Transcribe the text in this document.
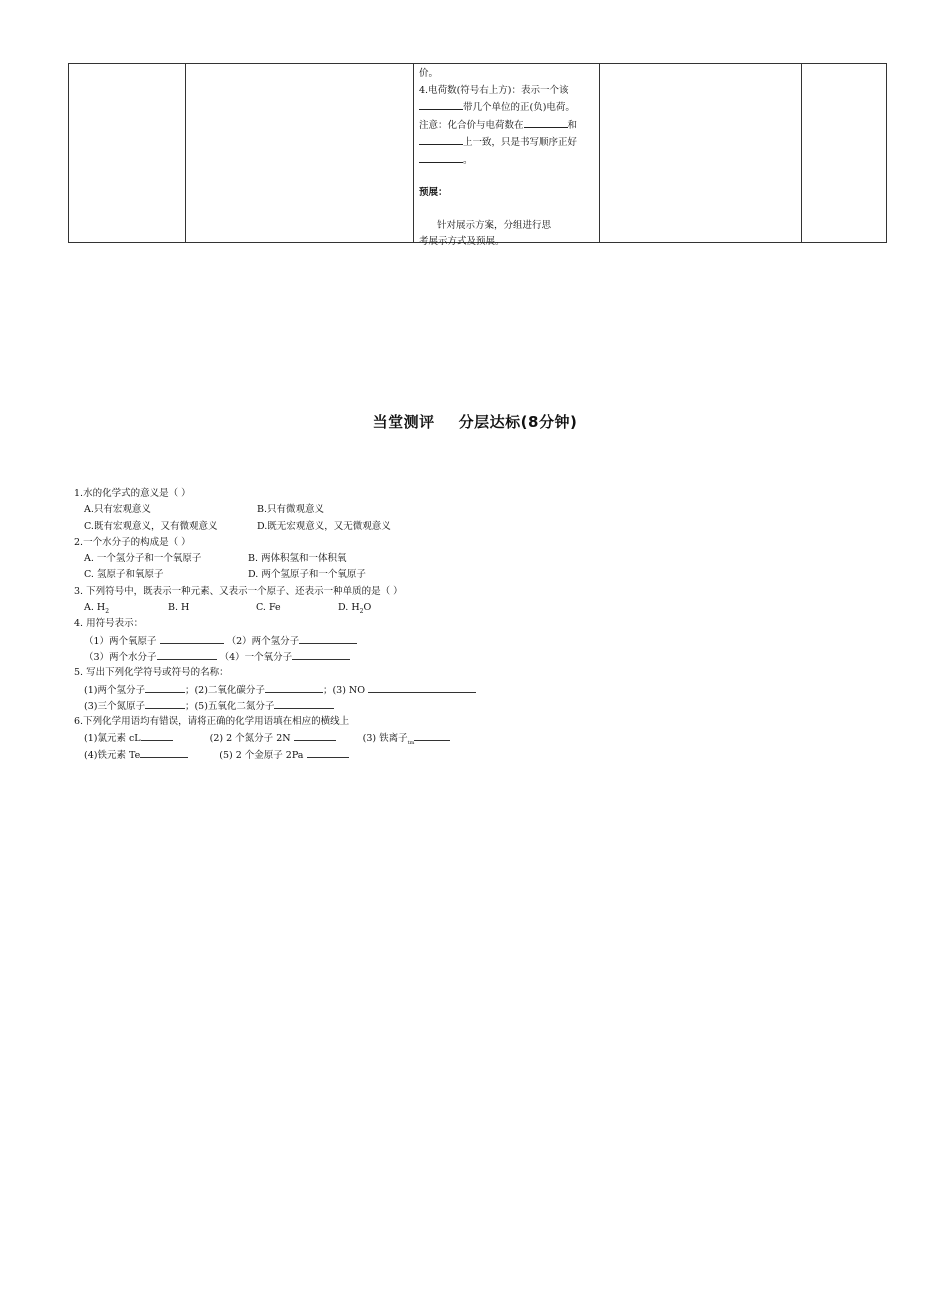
价。

4.电荷数(符号右上方)：表示一个该

带几个单位的正(负)电荷。

注意：化合价与电荷数在	和

上一致，只是书写顺序正好

。

预展：

针对展示方案，分组进行思

考展示方式及预展。

当堂测评 分层达标(8分钟)
1.水的化学式的意义是（ ）
A.只有宏观意义	B.只有微观意义
C.既有宏观意义，又有微观意义	D.既无宏观意义，又无微观意义
2.一个水分子的构成是（ ）
A. 一个氢分子和一个氧原子	B. 两体积氢和一体积氧
C. 氢原子和氧原子	D. 两个氢原子和一个氧原子
3. 下列符号中，既表示一种元素、又表示一个原子、还表示一种单质的是（ ）
A. $H_2$	B. H	C. Fe	D. $H_2O$
4. 用符号表示：
（1）两个氧原子	（2）两个氢分子
（3）两个水分子	（4）一个氧分子
5. 写出下列化学符号或符号的名称：
(1)两个氢分子	；(2)二氧化碳分子	；(3) NO
(3)三个氮原子	；(5)五氧化二氮分子
6.下列化学用语均有错误，请将正确的化学用语填在相应的横线上
(1)氯元素 cL	(2) 2 个氮分子 2N	(3) 铁离子$_{tm}$
(4)铁元素 Te	(5) 2 个金原子 2Pa
